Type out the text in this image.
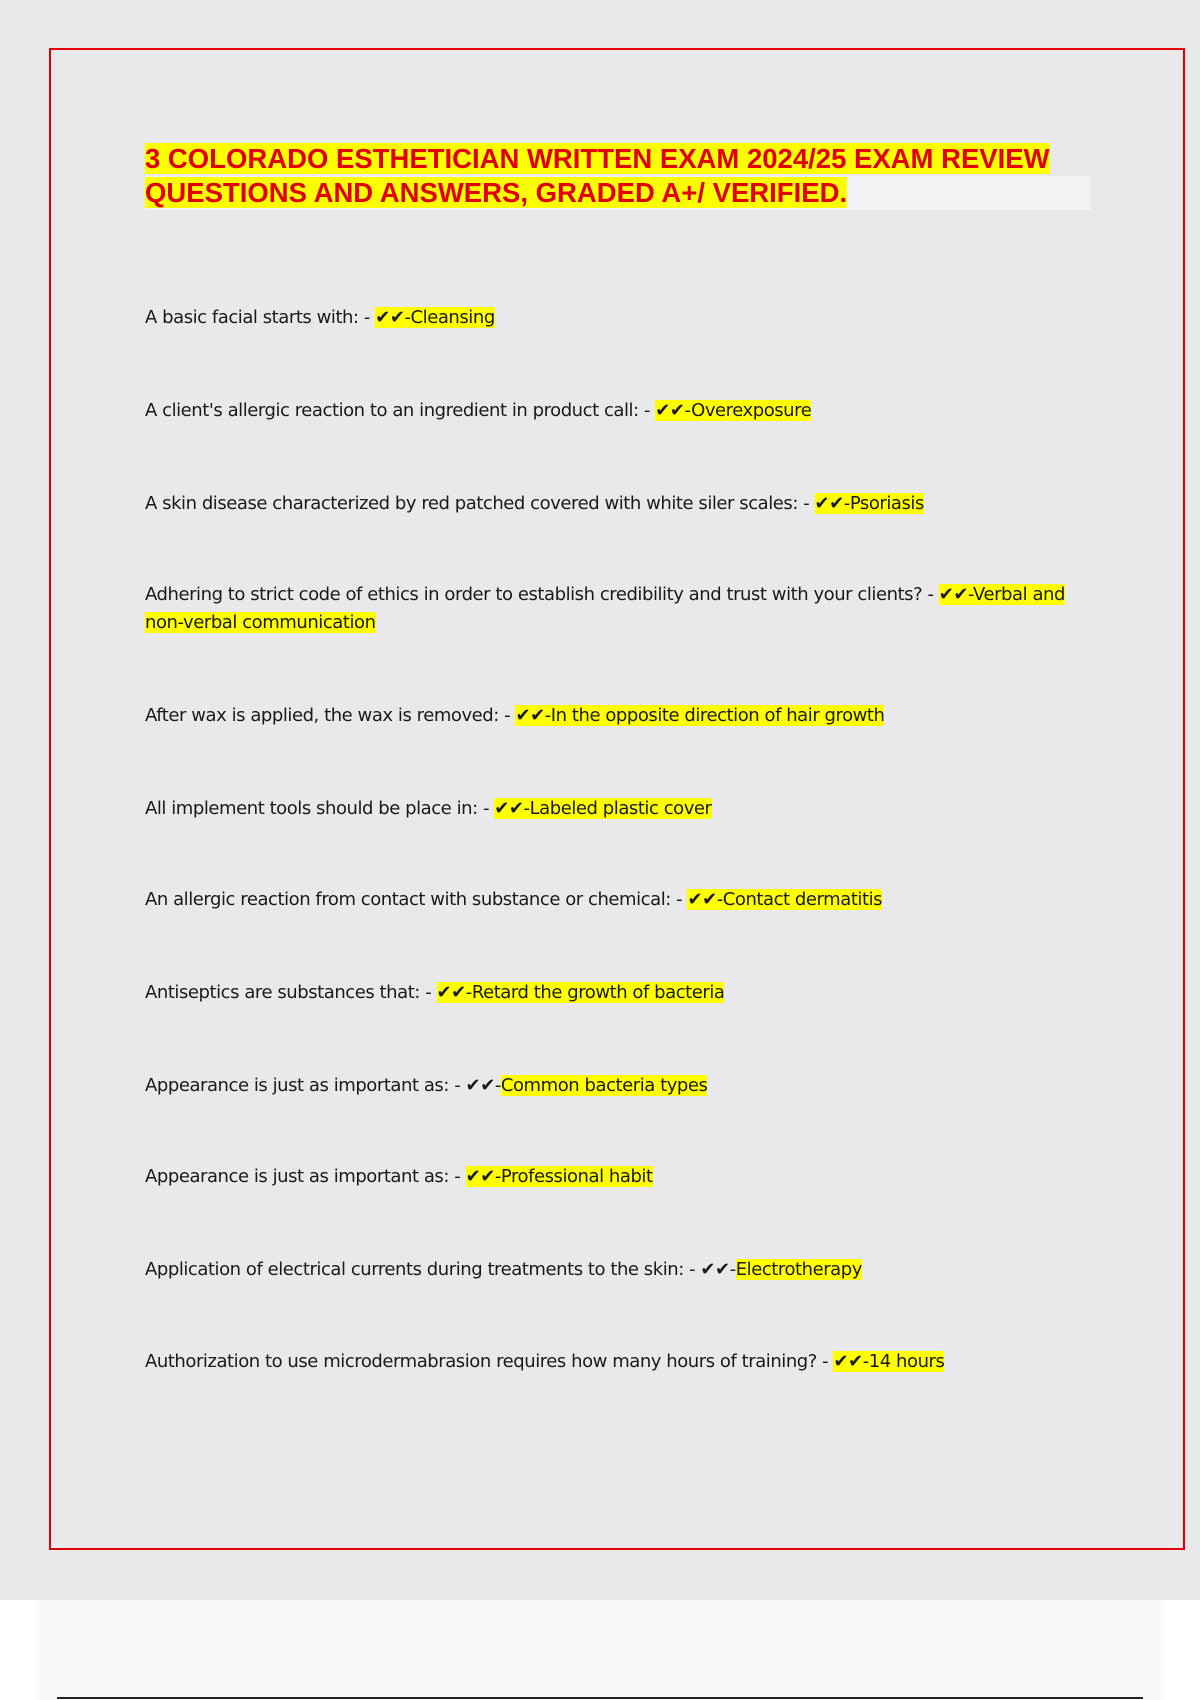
3 COLORADO ESTHETICIAN WRITTEN EXAM 2024/25 EXAM REVIEW
QUESTIONS AND ANSWERS, GRADED A+/ VERIFIED.
A basic facial starts with: - ✔✔-Cleansing
A client's allergic reaction to an ingredient in product call: - ✔✔-Overexposure
A skin disease characterized by red patched covered with white siler scales: - ✔✔-Psoriasis
Adhering to strict code of ethics in order to establish credibility and trust with your clients? - ✔✔-Verbal and non-verbal communication
After wax is applied, the wax is removed: - ✔✔-In the opposite direction of hair growth
All implement tools should be place in: - ✔✔-Labeled plastic cover
An allergic reaction from contact with substance or chemical: - ✔✔-Contact dermatitis
Antiseptics are substances that: - ✔✔-Retard the growth of bacteria
Appearance is just as important as: - ✔✔-Common bacteria types
Appearance is just as important as: - ✔✔-Professional habit
Application of electrical currents during treatments to the skin: - ✔✔-Electrotherapy
Authorization to use microdermabrasion requires how many hours of training? - ✔✔-14 hours
